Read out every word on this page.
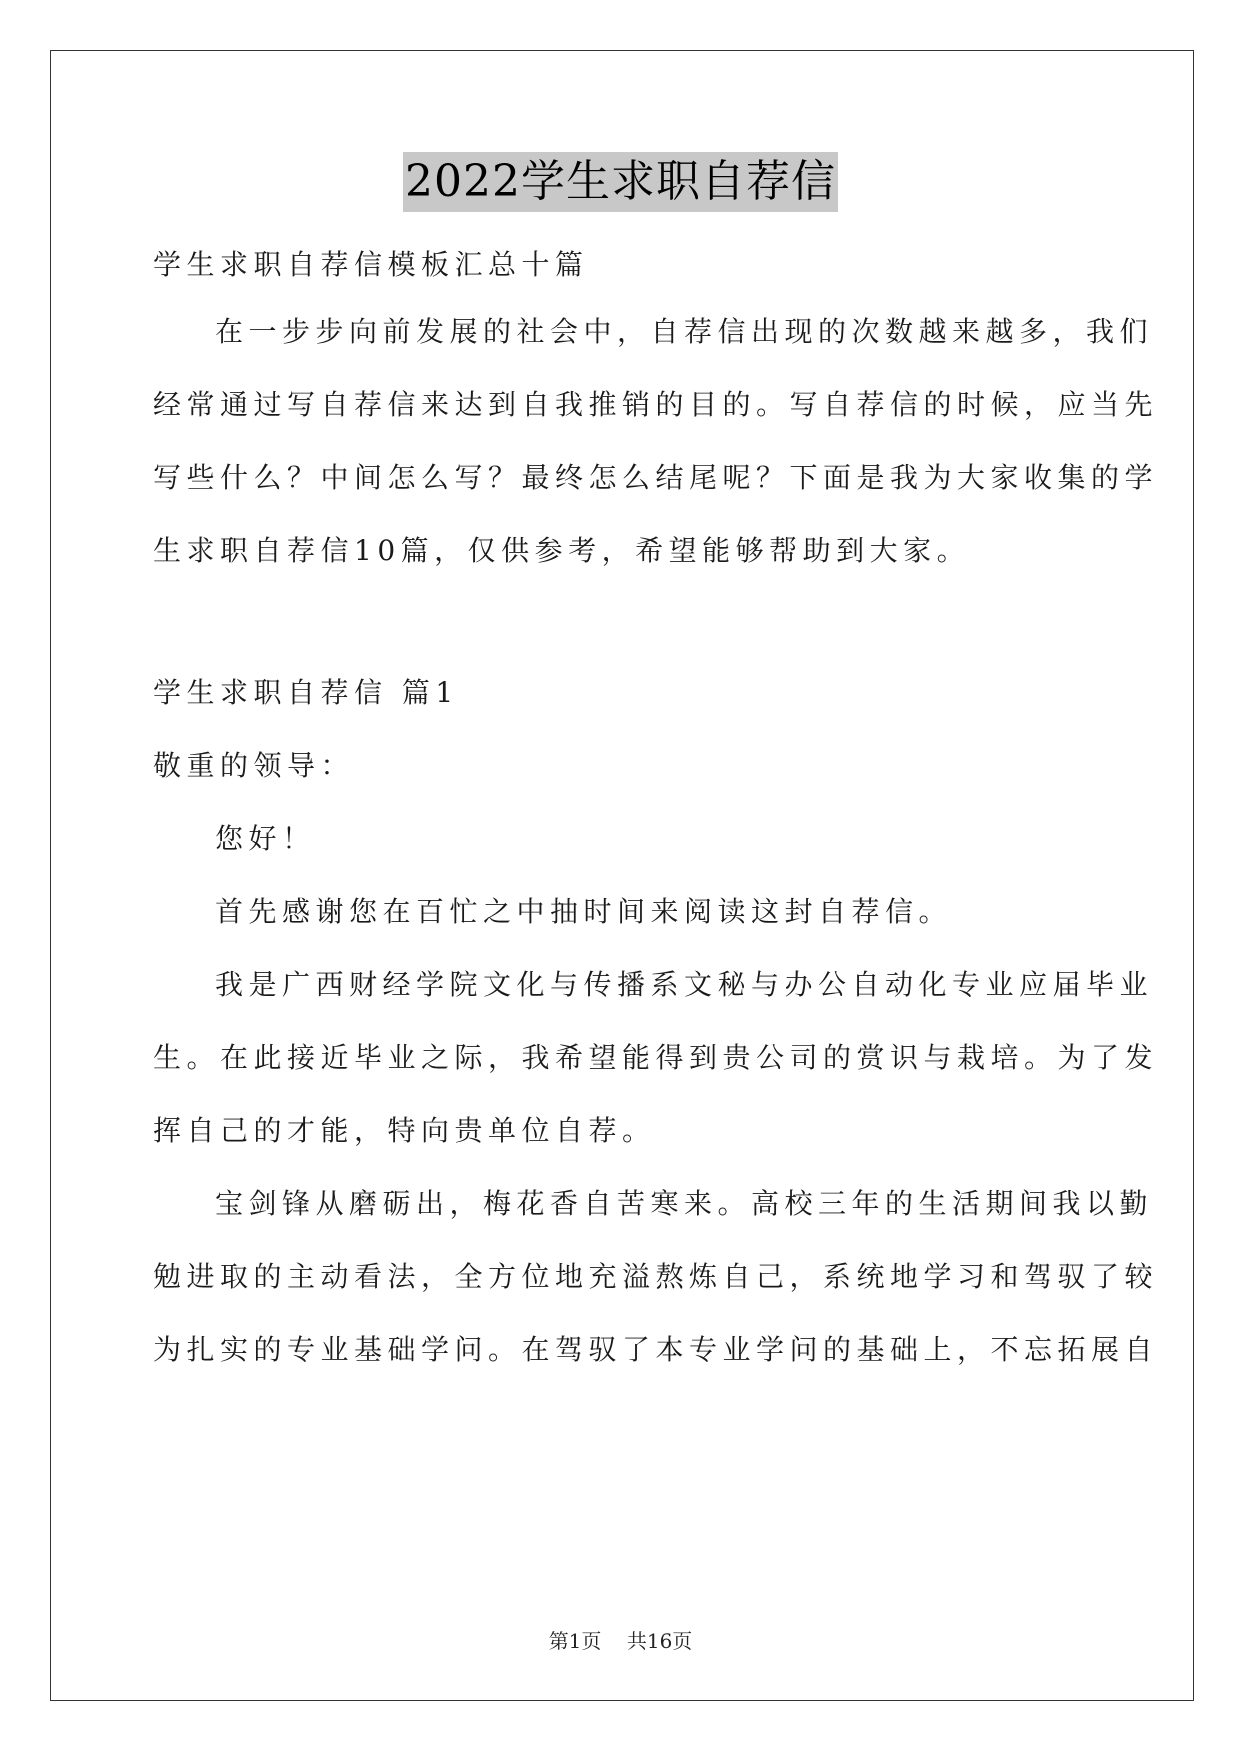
2022学生求职自荐信
学生求职自荐信模板汇总十篇
在一步步向前发展的社会中，自荐信出现的次数越来越多，我们
经常通过写自荐信来达到自我推销的目的。写自荐信的时候，应当先
写些什么？中间怎么写？最终怎么结尾呢？下面是我为大家收集的学
生求职自荐信10篇，仅供参考，希望能够帮助到大家。
学生求职自荐信 篇1
敬重的领导：
您好！
首先感谢您在百忙之中抽时间来阅读这封自荐信。
我是广西财经学院文化与传播系文秘与办公自动化专业应届毕业
生。在此接近毕业之际，我希望能得到贵公司的赏识与栽培。为了发
挥自己的才能，特向贵单位自荐。
宝剑锋从磨砺出，梅花香自苦寒来。高校三年的生活期间我以勤
勉进取的主动看法，全方位地充溢熬炼自己，系统地学习和驾驭了较
为扎实的专业基础学问。在驾驭了本专业学问的基础上，不忘拓展自
第1页 共16页
